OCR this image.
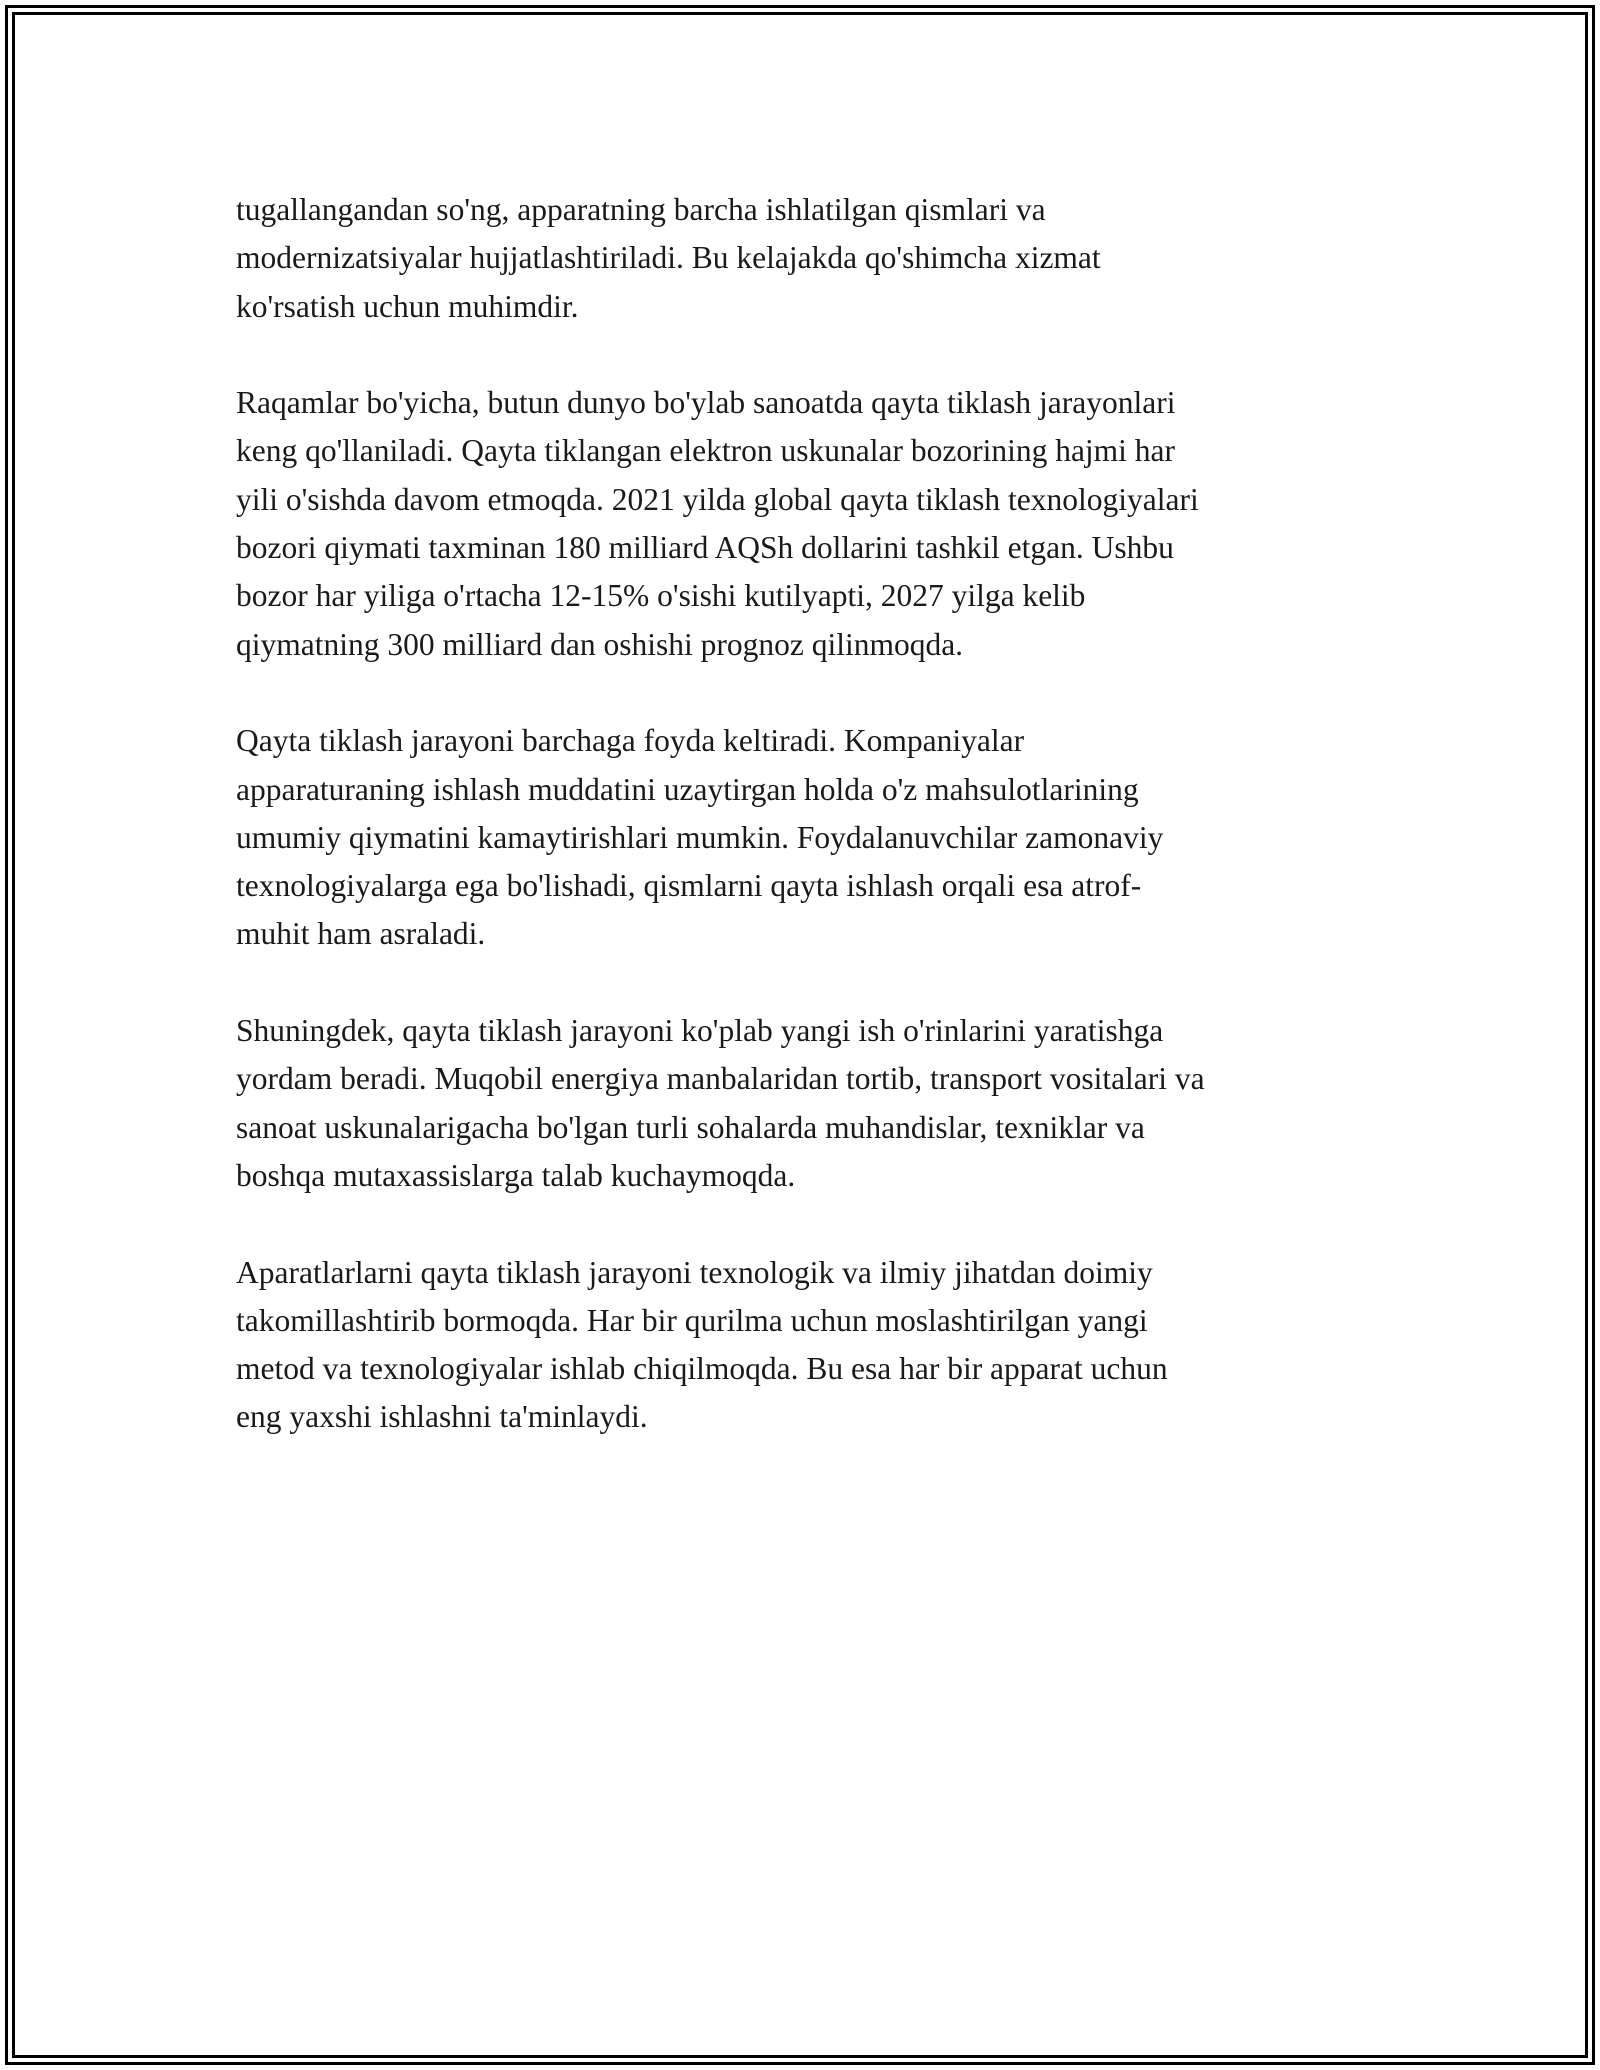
tugallangandan so'ng, apparatning barcha ishlatilgan qismlari va
modernizatsiyalar hujjatlashtiriladi. Bu kelajakda qo'shimcha xizmat
ko'rsatish uchun muhimdir.

Raqamlar bo'yicha, butun dunyo bo'ylab sanoatda qayta tiklash jarayonlari
keng qo'llaniladi. Qayta tiklangan elektron uskunalar bozorining hajmi har
yili o'sishda davom etmoqda. 2021 yilda global qayta tiklash texnologiyalari
bozori qiymati taxminan 180 milliard AQSh dollarini tashkil etgan. Ushbu
bozor har yiliga o'rtacha 12-15% o'sishi kutilyapti, 2027 yilga kelib
qiymatning 300 milliard dan oshishi prognoz qilinmoqda.

Qayta tiklash jarayoni barchaga foyda keltiradi. Kompaniyalar
apparaturaning ishlash muddatini uzaytirgan holda o'z mahsulotlarining
umumiy qiymatini kamaytirishlari mumkin. Foydalanuvchilar zamonaviy
texnologiyalarga ega bo'lishadi, qismlarni qayta ishlash orqali esa atrof-
muhit ham asraladi.

Shuningdek, qayta tiklash jarayoni ko'plab yangi ish o'rinlarini yaratishga
yordam beradi. Muqobil energiya manbalaridan tortib, transport vositalari va
sanoat uskunalarigacha bo'lgan turli sohalarda muhandislar, texniklar va
boshqa mutaxassislarga talab kuchaymoqda.

Aparatlarlarni qayta tiklash jarayoni texnologik va ilmiy jihatdan doimiy
takomillashtirib bormoqda. Har bir qurilma uchun moslashtirilgan yangi
metod va texnologiyalar ishlab chiqilmoqda. Bu esa har bir apparat uchun
eng yaxshi ishlashni ta'minlaydi.
